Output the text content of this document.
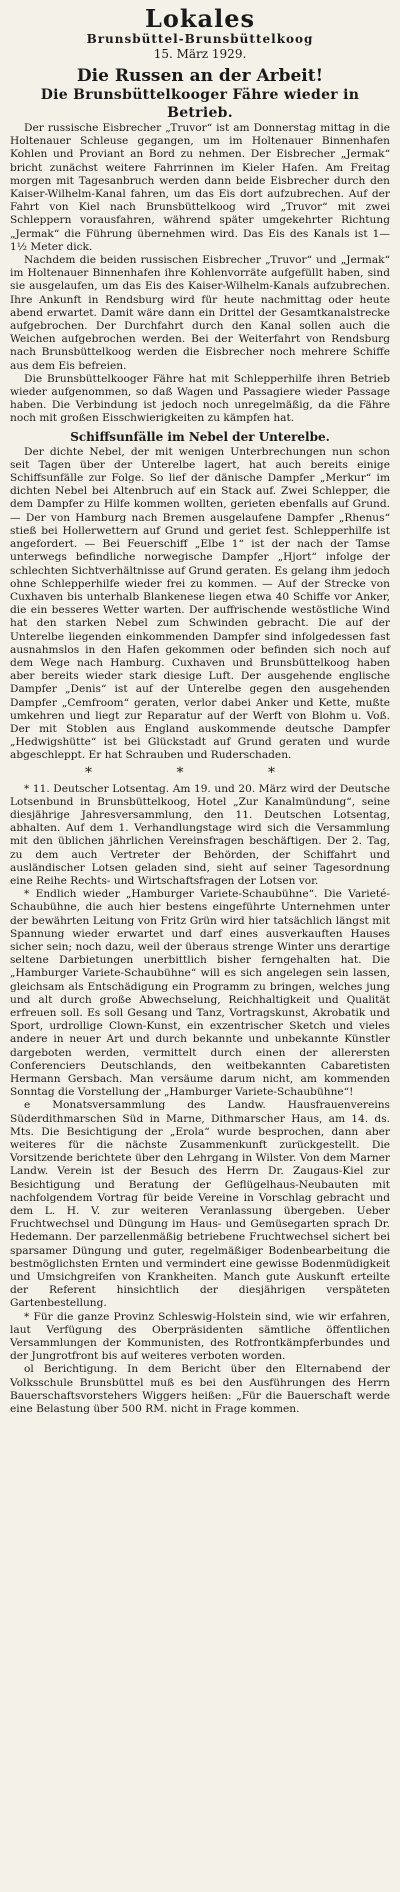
Lokales
Brunsbüttel-Brunsbüttelkoog
15. März 1929.
Die Russen an der Arbeit!
Die Brunsbüttelkooger Fähre wieder in Betrieb.

Der russische Eisbrecher „Truvor“ ist am Donnerstag mittag in die Holtenauer Schleuse gegangen, um im Holtenauer Binnenhafen Kohlen und Proviant an Bord zu nehmen. Der Eisbrecher „Jermak“ bricht zunächst weitere Fahrrinnen im Kieler Hafen. Am Freitag morgen mit Tagesanbruch werden dann beide Eisbrecher durch den Kaiser-Wilhelm-Kanal fahren, um das Eis dort aufzubrechen. Auf der Fahrt von Kiel nach Brunsbüttelkoog wird „Truvor“ mit zwei Schleppern vorausfahren, während später umgekehrter Richtung „Jermak“ die Führung übernehmen wird. Das Eis des Kanals ist 1—1½ Meter dick.

Nachdem die beiden russischen Eisbrecher „Truvor“ und „Jermak“ im Holtenauer Binnenhafen ihre Kohlenvorräte aufgefüllt haben, sind sie ausgelaufen, um das Eis des Kaiser-Wilhelm-Kanals aufzubrechen. Ihre Ankunft in Rendsburg wird für heute nachmittag oder heute abend erwartet. Damit wäre dann ein Drittel der Gesamtkanalstrecke aufgebrochen. Der Durchfahrt durch den Kanal sollen auch die Weichen aufgebrochen werden. Bei der Weiterfahrt von Rendsburg nach Brunsbüttelkoog werden die Eisbrecher noch mehrere Schiffe aus dem Eis befreien.

Die Brunsbüttelkooger Fähre hat mit Schlepperhilfe ihren Betrieb wieder aufgenommen, so daß Wagen und Passagiere wieder Passage haben. Die Verbindung ist jedoch noch unregelmäßig, da die Fähre noch mit großen Eisschwierigkeiten zu kämpfen hat.

Schiffsunfälle im Nebel der Unterelbe.

Der dichte Nebel, der mit wenigen Unterbrechungen nun schon seit Tagen über der Unterelbe lagert, hat auch bereits einige Schiffsunfälle zur Folge. So lief der dänische Dampfer „Merkur“ im dichten Nebel bei Altenbruch auf ein Stack auf. Zwei Schlepper, die dem Dampfer zu Hilfe kommen wollten, gerieten ebenfalls auf Grund. — Der von Hamburg nach Bremen ausgelaufene Dampfer „Rhenus“ stieß bei Hollerwettern auf Grund und geriet fest. Schlepperhilfe ist angefordert. — Bei Feuerschiff „Elbe 1“ ist der nach der Tamse unterwegs befindliche norwegische Dampfer „Hjort“ infolge der schlechten Sichtverhältnisse auf Grund geraten. Es gelang ihm jedoch ohne Schlepperhilfe wieder frei zu kommen. — Auf der Strecke von Cuxhaven bis unterhalb Blankenese liegen etwa 40 Schiffe vor Anker, die ein besseres Wetter warten. Der auffrischende westöstliche Wind hat den starken Nebel zum Schwinden gebracht. Die auf der Unterelbe liegenden einkommenden Dampfer sind infolgedessen fast ausnahmslos in den Hafen gekommen oder befinden sich noch auf dem Wege nach Hamburg. Cuxhaven und Brunsbüttelkoog haben aber bereits wieder stark diesige Luft. Der ausgehende englische Dampfer „Denis“ ist auf der Unterelbe gegen den ausgehenden Dampfer „Cemfroom“ geraten, verlor dabei Anker und Kette, mußte umkehren und liegt zur Reparatur auf der Werft von Blohm u. Voß. Der mit Stoblen aus England auskommende deutsche Dampfer „Hedwigshütte“ ist bei Glückstadt auf Grund geraten und wurde abgeschleppt. Er hat Schrauben und Ruderschaden.

* * *

* 11. Deutscher Lotsentag. Am 19. und 20. März wird der Deutsche Lotsenbund in Brunsbüttelkoog, Hotel „Zur Kanalmündung“, seine diesjährige Jahresversammlung, den 11. Deutschen Lotsentag, abhalten. Auf dem 1. Verhandlungstage wird sich die Versammlung mit den üblichen jährlichen Vereinsfragen beschäftigen. Der 2. Tag, zu dem auch Vertreter der Behörden, der Schiffahrt und ausländischer Lotsen geladen sind, sieht auf seiner Tagesordnung eine Reihe Rechts- und Wirtschaftsfragen der Lotsen vor.

* Endlich wieder „Hamburger Variete-Schaubühne“. Die Varieté-Schaubühne, die auch hier bestens eingeführte Unternehmen unter der bewährten Leitung von Fritz Grün wird hier tatsächlich längst mit Spannung wieder erwartet und darf eines ausverkauften Hauses sicher sein; noch dazu, weil der überaus strenge Winter uns derartige seltene Darbietungen unerbittlich bisher ferngehalten hat. Die „Hamburger Variete-Schaubühne“ will es sich angelegen sein lassen, gleichsam als Entschädigung ein Programm zu bringen, welches jung und alt durch große Abwechselung, Reichhaltigkeit und Qualität erfreuen soll. Es soll Gesang und Tanz, Vortragskunst, Akrobatik und Sport, urdrollige Clown-Kunst, ein exzentrischer Sketch und vieles andere in neuer Art und durch bekannte und unbekannte Künstler dargeboten werden, vermittelt durch einen der allerersten Conferenciers Deutschlands, den weitbekannten Cabaretisten Hermann Gersbach. Man versäume darum nicht, am kommenden Sonntag die Vorstellung der „Hamburger Variete-Schaubühne“!

e Monatsversammlung des Landw. Hausfrauenvereins Süderdithmarschen Süd in Marne, Dithmarscher Haus, am 14. ds. Mts. Die Besichtigung der „Erola“ wurde besprochen, dann aber weiteres für die nächste Zusammenkunft zurückgestellt. Die Vorsitzende berichtete über den Lehrgang in Wilster. Von dem Marner Landw. Verein ist der Besuch des Herrn Dr. Zaugaus-Kiel zur Besichtigung und Beratung der Geflügelhaus-Neubauten mit nachfolgendem Vortrag für beide Vereine in Vorschlag gebracht und dem L. H. V. zur weiteren Veranlassung übergeben. Ueber Fruchtwechsel und Düngung im Haus- und Gemüsegarten sprach Dr. Hedemann. Der parzellenmäßig betriebene Fruchtwechsel sichert bei sparsamer Düngung und guter, regelmäßiger Bodenbearbeitung die bestmöglichsten Ernten und vermindert eine gewisse Bodenmüdigkeit und Umsichgreifen von Krankheiten. Manch gute Auskunft erteilte der Referent hinsichtlich der diesjährigen verspäteten Gartenbestellung.

* Für die ganze Provinz Schleswig-Holstein sind, wie wir erfahren, laut Verfügung des Oberpräsidenten sämtliche öffentlichen Versammlungen der Kommunisten, des Rotfrontkämpferbundes und der Jungrotfront bis auf weiteres verboten worden.

ol Berichtigung. In dem Bericht über den Elternabend der Volksschule Brunsbüttel muß es bei den Ausführungen des Herrn Bauerschaftsvorstehers Wiggers heißen: „Für die Bauerschaft werde eine Belastung über 500 RM. nicht in Frage kommen.
